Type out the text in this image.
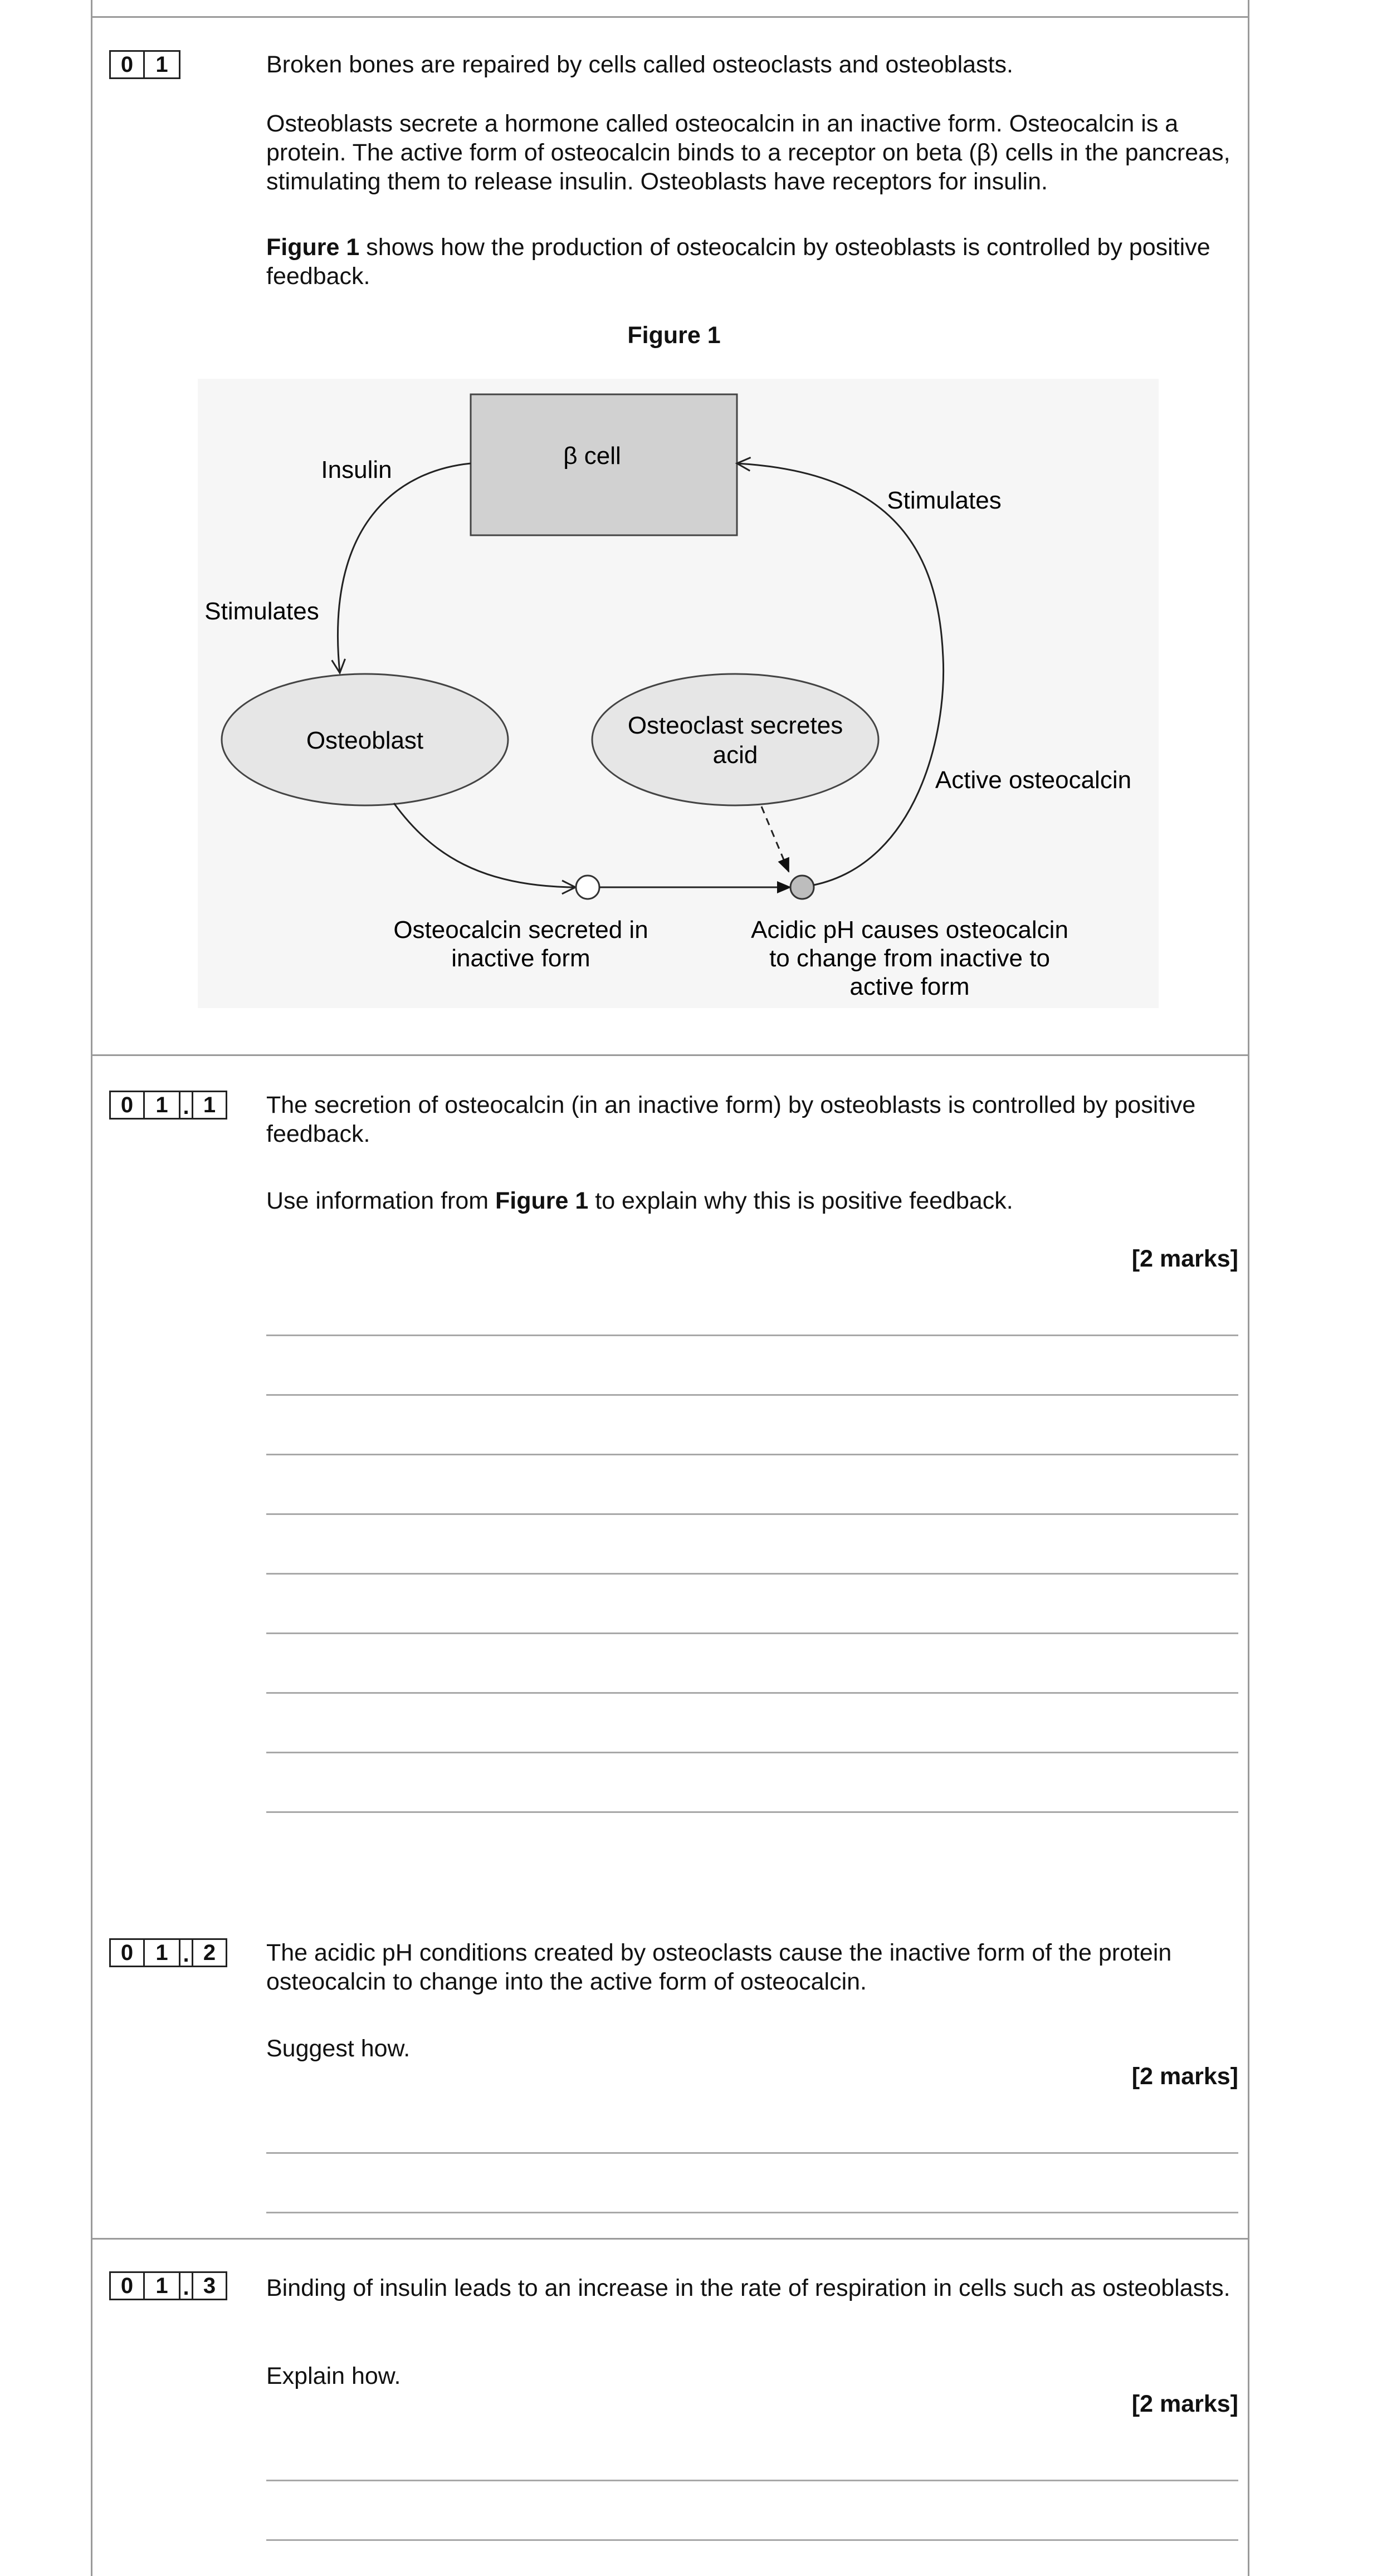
0	1	Broken bones are repaired by cells called osteoclasts and osteoblasts.

Osteoblasts secrete a hormone called osteocalcin in an inactive form. Osteocalcin is a protein. The active form of osteocalcin binds to a receptor on beta (β) cells in the pancreas, stimulating them to release insulin. Osteoblasts have receptors for insulin.

Figure 1 shows how the production of osteocalcin by osteoblasts is controlled by positive feedback.

Figure 1
β cell
Osteoblast
Osteoclast secretes
acid
Insulin
Stimulates
Stimulates
Active osteocalcin
Osteocalcin secreted in
inactive form
Acidic pH causes osteocalcin
to change from inactive to
active form
0	1 . 1	The secretion of osteocalcin (in an inactive form) by osteoblasts is controlled by positive feedback.

Use information from Figure 1 to explain why this is positive feedback.

[2 marks]
0	1 . 2	The acidic pH conditions created by osteoclasts cause the inactive form of the protein osteocalcin to change into the active form of osteocalcin.

Suggest how.

[2 marks]
0	1 . 3	Binding of insulin leads to an increase in the rate of respiration in cells such as osteoblasts.

Explain how.

[2 marks]
